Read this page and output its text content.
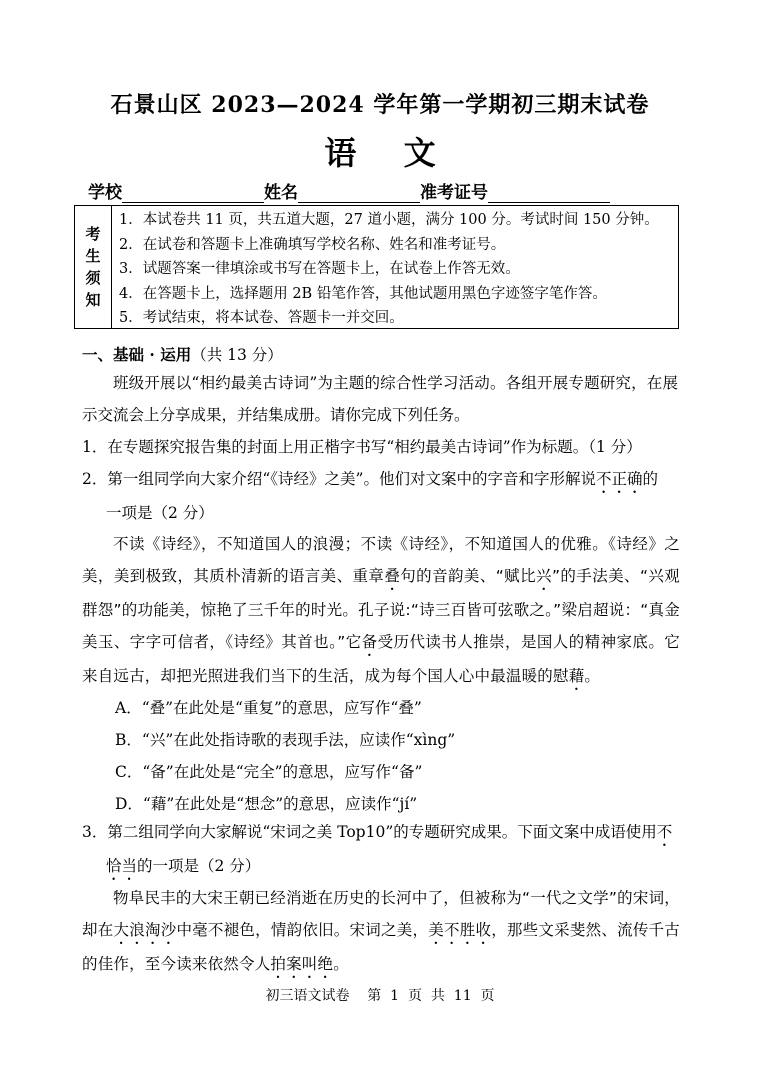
石景山区 2023—2024 学年第一学期初三期末试卷
语 文
学校	姓名	准考证号
考
生
须
知
1．本试卷共 11 页，共五道大题，27 道小题，满分 100 分。考试时间 150 分钟。
2．在试卷和答题卡上准确填写学校名称、姓名和准考证号。
3．试题答案一律填涂或书写在答题卡上，在试卷上作答无效。
4．在答题卡上，选择题用 2B 铅笔作答，其他试题用黑色字迹签字笔作答。
5．考试结束，将本试卷、答题卡一并交回。
一、基础 · 运用（共 13 分）
班级开展以“相约最美古诗词”为主题的综合性学习活动。各组开展专题研究，在展示交流会上分享成果，并结集成册。请你完成下列任务。
1．在专题探究报告集的封面上用正楷字书写“相约最美古诗词”作为标题。（1 分）
2．第一组同学向大家介绍“《诗经》之美”。他们对文案中的字音和字形解说不正确的
一项是（2 分）
不读《诗经》，不知道国人的浪漫；不读《诗经》，不知道国人的优雅。《诗经》之美，美到极致，其质朴清新的语言美、重章叠句的音韵美、“赋比兴”的手法美、“兴观群怨”的功能美，惊艳了三千年的时光。孔子说:“诗三百皆可弦歌之。”梁启超说：“真金美玉、字字可信者，《诗经》其首也。”它备受历代读书人推崇，是国人的精神家底。它来自远古，却把光照进我们当下的生活，成为每个国人心中最温暖的慰藉。
A．“叠”在此处是“重复”的意思，应写作“叠”
B．“兴”在此处指诗歌的表现手法，应读作“xìng”
C．“备”在此处是“完全”的意思，应写作“备”
D．“藉”在此处是“想念”的意思，应读作“jí”
3．第二组同学向大家解说“宋词之美 Top10”的专题研究成果。下面文案中成语使用不
恰当的一项是（2 分）
物阜民丰的大宋王朝已经消逝在历史的长河中了，但被称为“一代之文学”的宋词，却在大浪淘沙中毫不褪色，情韵依旧。宋词之美，美不胜收，那些文采斐然、流传千古的佳作，至今读来依然令人拍案叫绝。
初三语文试卷    第  1  页  共  11  页
